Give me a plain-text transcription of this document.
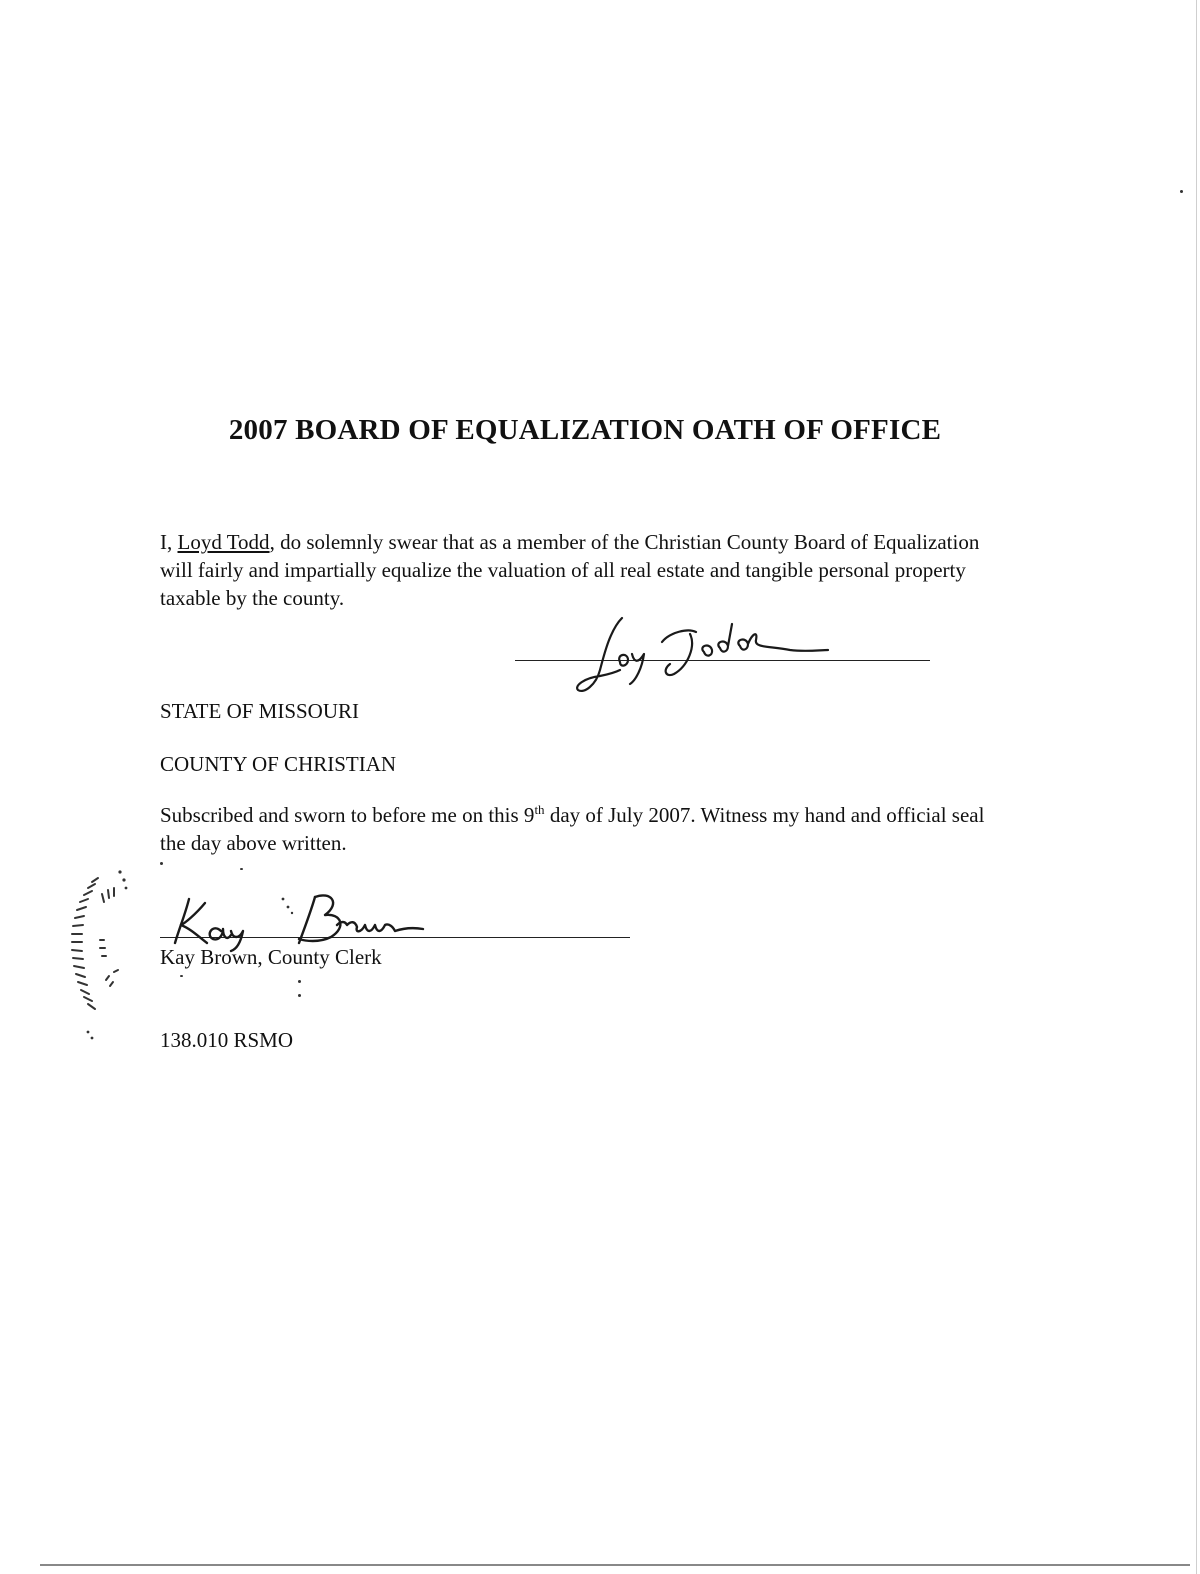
2007 BOARD OF EQUALIZATION OATH OF OFFICE

I, Loyd Todd, do solemnly swear that as a member of the Christian County Board of Equalization will fairly and impartially equalize the valuation of all real estate and tangible personal property taxable by the county.

STATE OF MISSOURI

COUNTY OF CHRISTIAN

Subscribed and sworn to before me on this 9th day of July 2007. Witness my hand and official seal the day above written.

Kay Brown, County Clerk

138.010 RSMO
